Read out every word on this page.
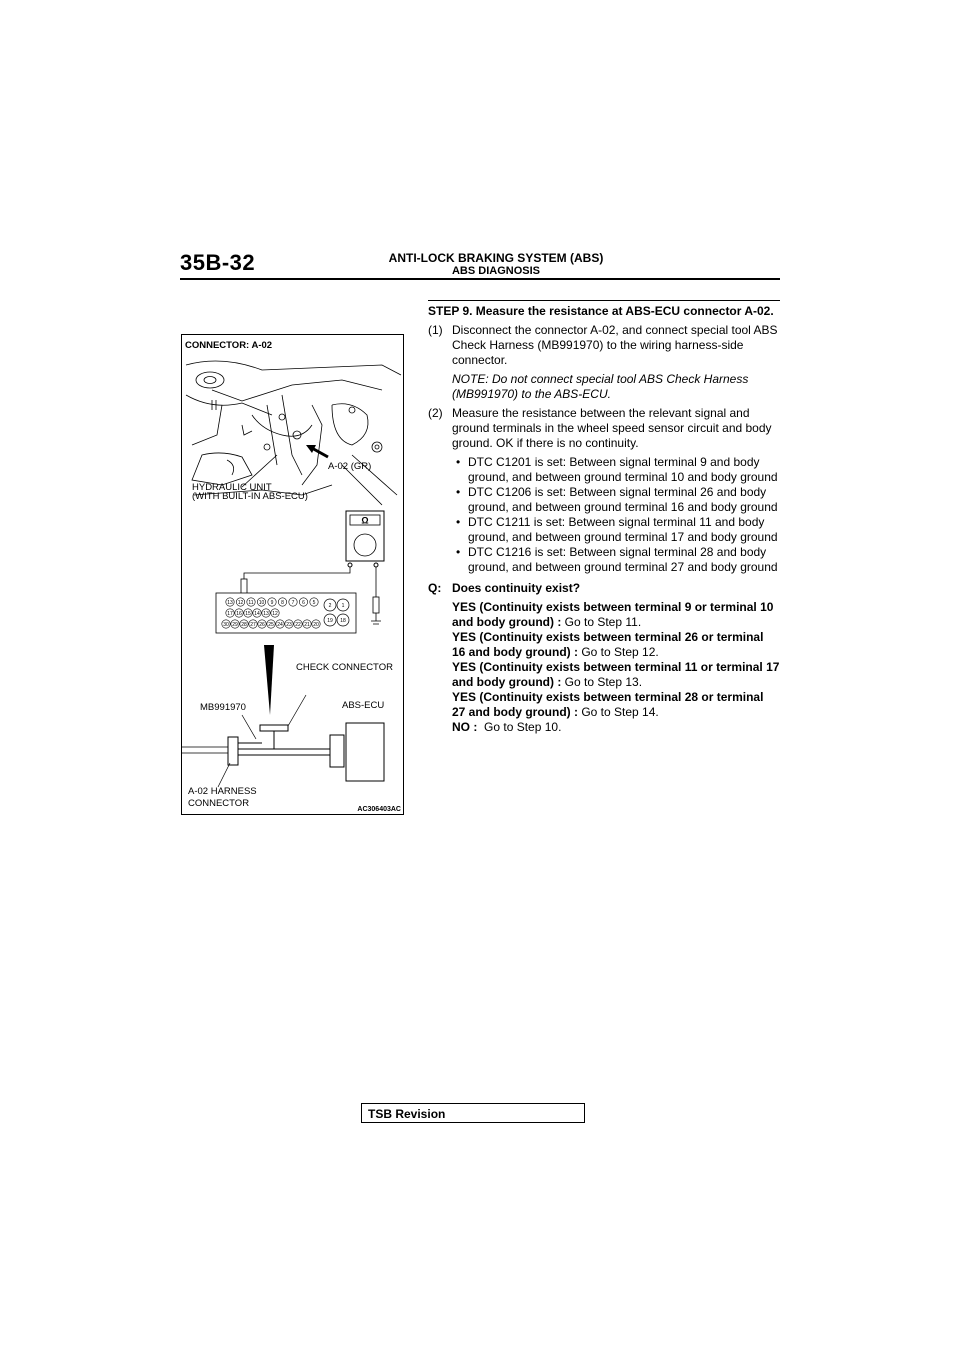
35B-32	ANTI-LOCK BRAKING SYSTEM (ABS)
ABS DIAGNOSIS
Ω
13 12 11 10 9 8 7 6 5
17 16 15 14 13 12
30 29 28 27 26 25 24 23 22 21 20
2 1
19 18
CONNECTOR: A-02
A-02 (GR)
HYDRAULIC UNIT
(WITH BUILT-IN ABS-ECU)
CHECK CONNECTOR
MB991970	ABS-ECU
A-02 HARNESS
CONNECTOR
AC306403AC
STEP 9. Measure the resistance at ABS-ECU connector A-02.
(1) Disconnect the connector A-02, and connect special tool ABS Check Harness (MB991970) to the wiring harness-side connector.
NOTE: Do not connect special tool ABS Check Harness (MB991970) to the ABS-ECU.
(2) Measure the resistance between the relevant signal and ground terminals in the wheel speed sensor circuit and body ground. OK if there is no continuity.
• DTC C1201 is set: Between signal terminal 9 and body ground, and between ground terminal 10 and body ground
• DTC C1206 is set: Between signal terminal 26 and body ground, and between ground terminal 16 and body ground
• DTC C1211 is set: Between signal terminal 11 and body ground, and between ground terminal 17 and body ground
• DTC C1216 is set: Between signal terminal 28 and body ground, and between ground terminal 27 and body ground
Q: Does continuity exist?
YES (Continuity exists between terminal 9 or terminal 10 and body ground) : Go to Step 11.
YES (Continuity exists between terminal 26 or terminal 16 and body ground) : Go to Step 12.
YES (Continuity exists between terminal 11 or terminal 17 and body ground) : Go to Step 13.
YES (Continuity exists between terminal 28 or terminal 27 and body ground) : Go to Step 14.
NO : Go to Step 10.
TSB Revision
